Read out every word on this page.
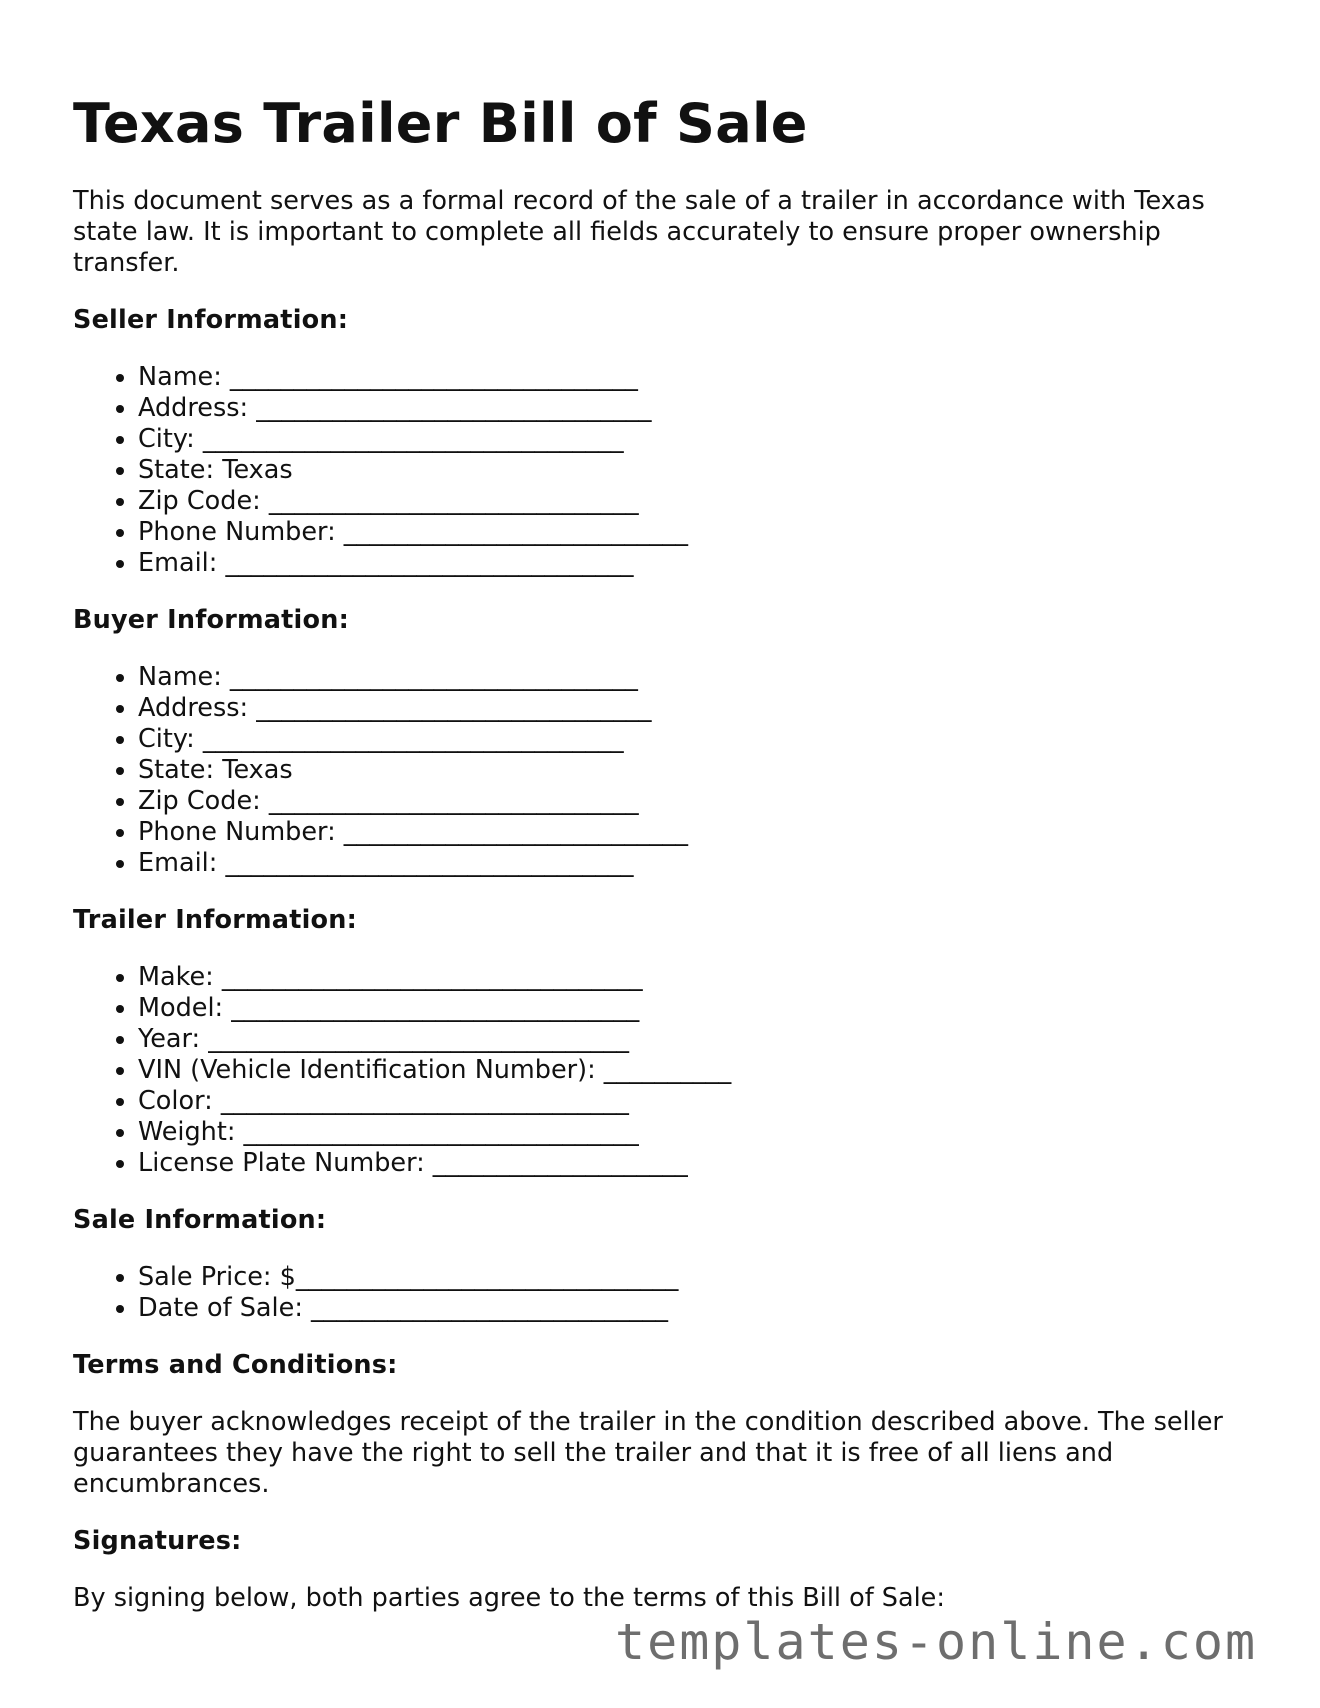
Texas Trailer Bill of Sale

This document serves as a formal record of the sale of a trailer in accordance with Texas state law. It is important to complete all fields accurately to ensure proper ownership transfer.

Seller Information:
• Name: ________________________________
• Address: _______________________________
• City: _________________________________
• State: Texas
• Zip Code: _____________________________
• Phone Number: ___________________________
• Email: ________________________________
Buyer Information:
• Name: ________________________________
• Address: _______________________________
• City: _________________________________
• State: Texas
• Zip Code: _____________________________
• Phone Number: ___________________________
• Email: ________________________________
Trailer Information:
• Make: _________________________________
• Model: ________________________________
• Year: _________________________________
• VIN (Vehicle Identification Number): __________
• Color: ________________________________
• Weight: _______________________________
• License Plate Number: ____________________
Sale Information:
• Sale Price: $______________________________
• Date of Sale: ____________________________
Terms and Conditions:

The buyer acknowledges receipt of the trailer in the condition described above. The seller guarantees they have the right to sell the trailer and that it is free of all liens and encumbrances.

Signatures:

By signing below, both parties agree to the terms of this Bill of Sale:

templates-online.com
